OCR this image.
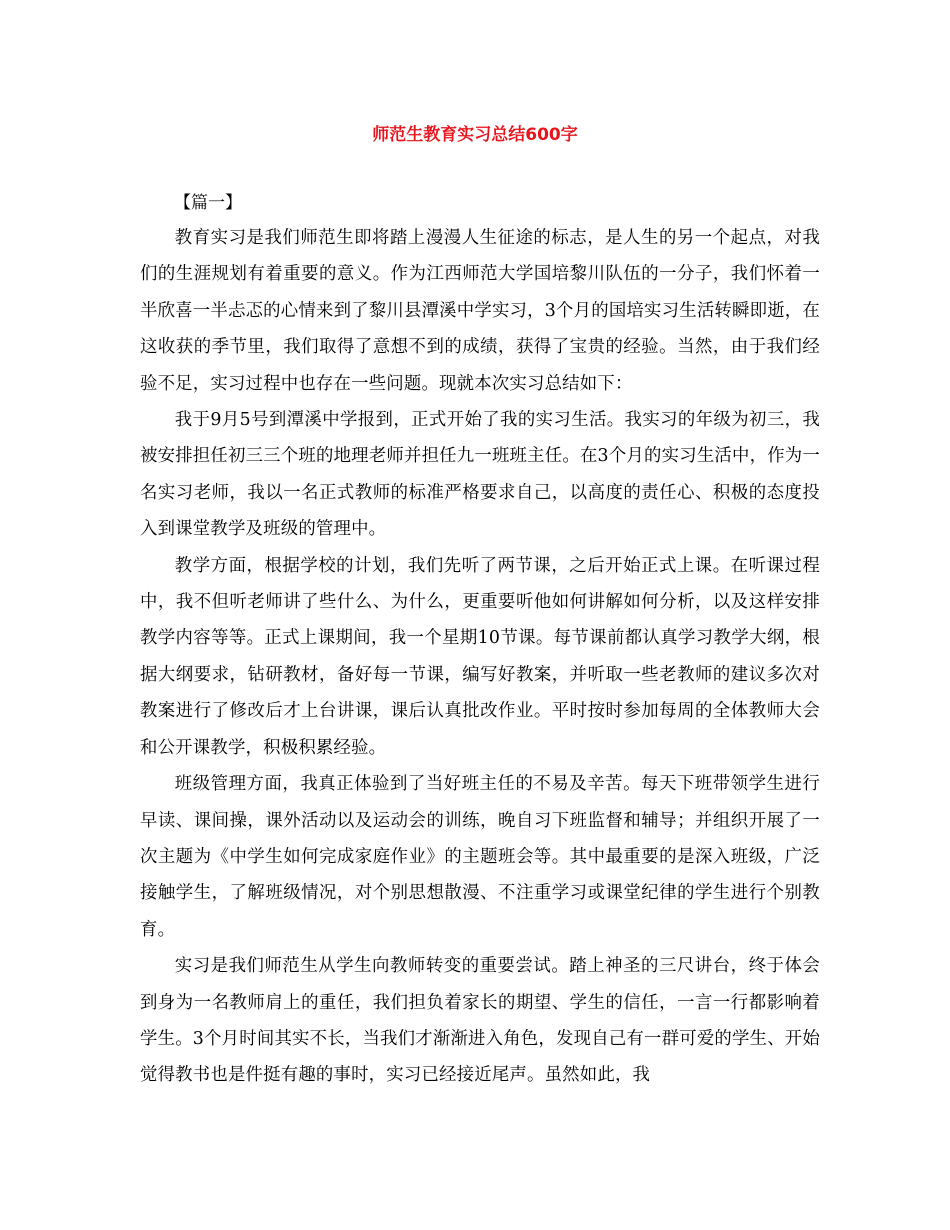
师范生教育实习总结600字

【篇一】

教育实习是我们师范生即将踏上漫漫人生征途的标志，是人生的另一个起点，对我们的生涯规划有着重要的意义。作为江西师范大学国培黎川队伍的一分子，我们怀着一半欣喜一半忐忑的心情来到了黎川县潭溪中学实习，3个月的国培实习生活转瞬即逝，在这收获的季节里，我们取得了意想不到的成绩，获得了宝贵的经验。当然，由于我们经验不足，实习过程中也存在一些问题。现就本次实习总结如下：

我于9月5号到潭溪中学报到，正式开始了我的实习生活。我实习的年级为初三，我被安排担任初三三个班的地理老师并担任九一班班主任。在3个月的实习生活中，作为一名实习老师，我以一名正式教师的标准严格要求自己，以高度的责任心、积极的态度投入到课堂教学及班级的管理中。

教学方面，根据学校的计划，我们先听了两节课，之后开始正式上课。在听课过程中，我不但听老师讲了些什么、为什么，更重要听他如何讲解如何分析，以及这样安排教学内容等等。正式上课期间，我一个星期10节课。每节课前都认真学习教学大纲，根据大纲要求，钻研教材，备好每一节课，编写好教案，并听取一些老教师的建议多次对教案进行了修改后才上台讲课，课后认真批改作业。平时按时参加每周的全体教师大会和公开课教学，积极积累经验。

班级管理方面，我真正体验到了当好班主任的不易及辛苦。每天下班带领学生进行早读、课间操，课外活动以及运动会的训练，晚自习下班监督和辅导；并组织开展了一次主题为《中学生如何完成家庭作业》的主题班会等。其中最重要的是深入班级，广泛接触学生，了解班级情况，对个别思想散漫、不注重学习或课堂纪律的学生进行个别教育。

实习是我们师范生从学生向教师转变的重要尝试。踏上神圣的三尺讲台，终于体会到身为一名教师肩上的重任，我们担负着家长的期望、学生的信任，一言一行都影响着学生。3个月时间其实不长，当我们才渐渐进入角色，发现自己有一群可爱的学生、开始觉得教书也是件挺有趣的事时，实习已经接近尾声。虽然如此，我
